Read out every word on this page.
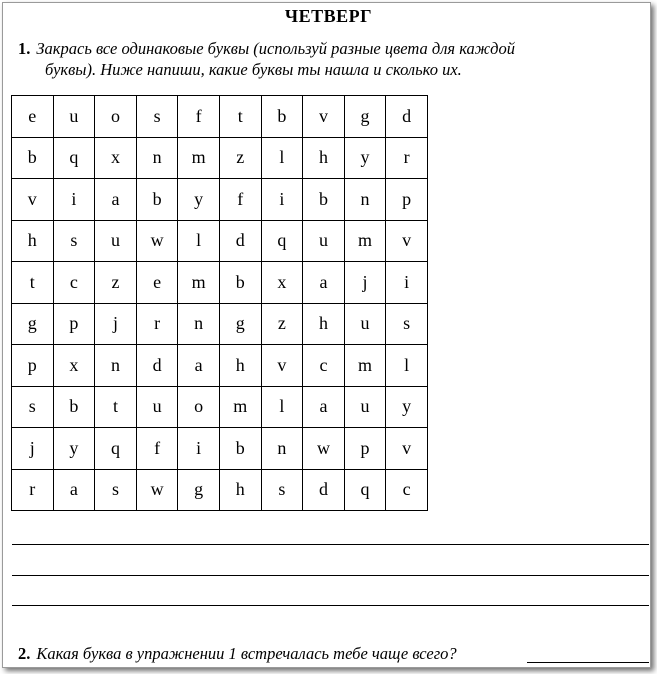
ЧЕТВЕРГ
1. Закрась все одинаковые буквы (используй разные цвета для каждой
буквы). Ниже напиши, какие буквы ты нашла и сколько их.
e	u	o	s	f	t	b	v	g	d
b	q	x	n	m	z	l	h	y	r
v	i	a	b	y	f	i	b	n	p
h	s	u	w	l	d	q	u	m	v
t	c	z	e	m	b	x	a	j	i
g	p	j	r	n	g	z	h	u	s
p	x	n	d	a	h	v	c	m	l
s	b	t	u	o	m	l	a	u	y
j	y	q	f	i	b	n	w	p	v
r	a	s	w	g	h	s	d	q	c
2. Какая буква в упражнении 1 встречалась тебе чаще всего?
